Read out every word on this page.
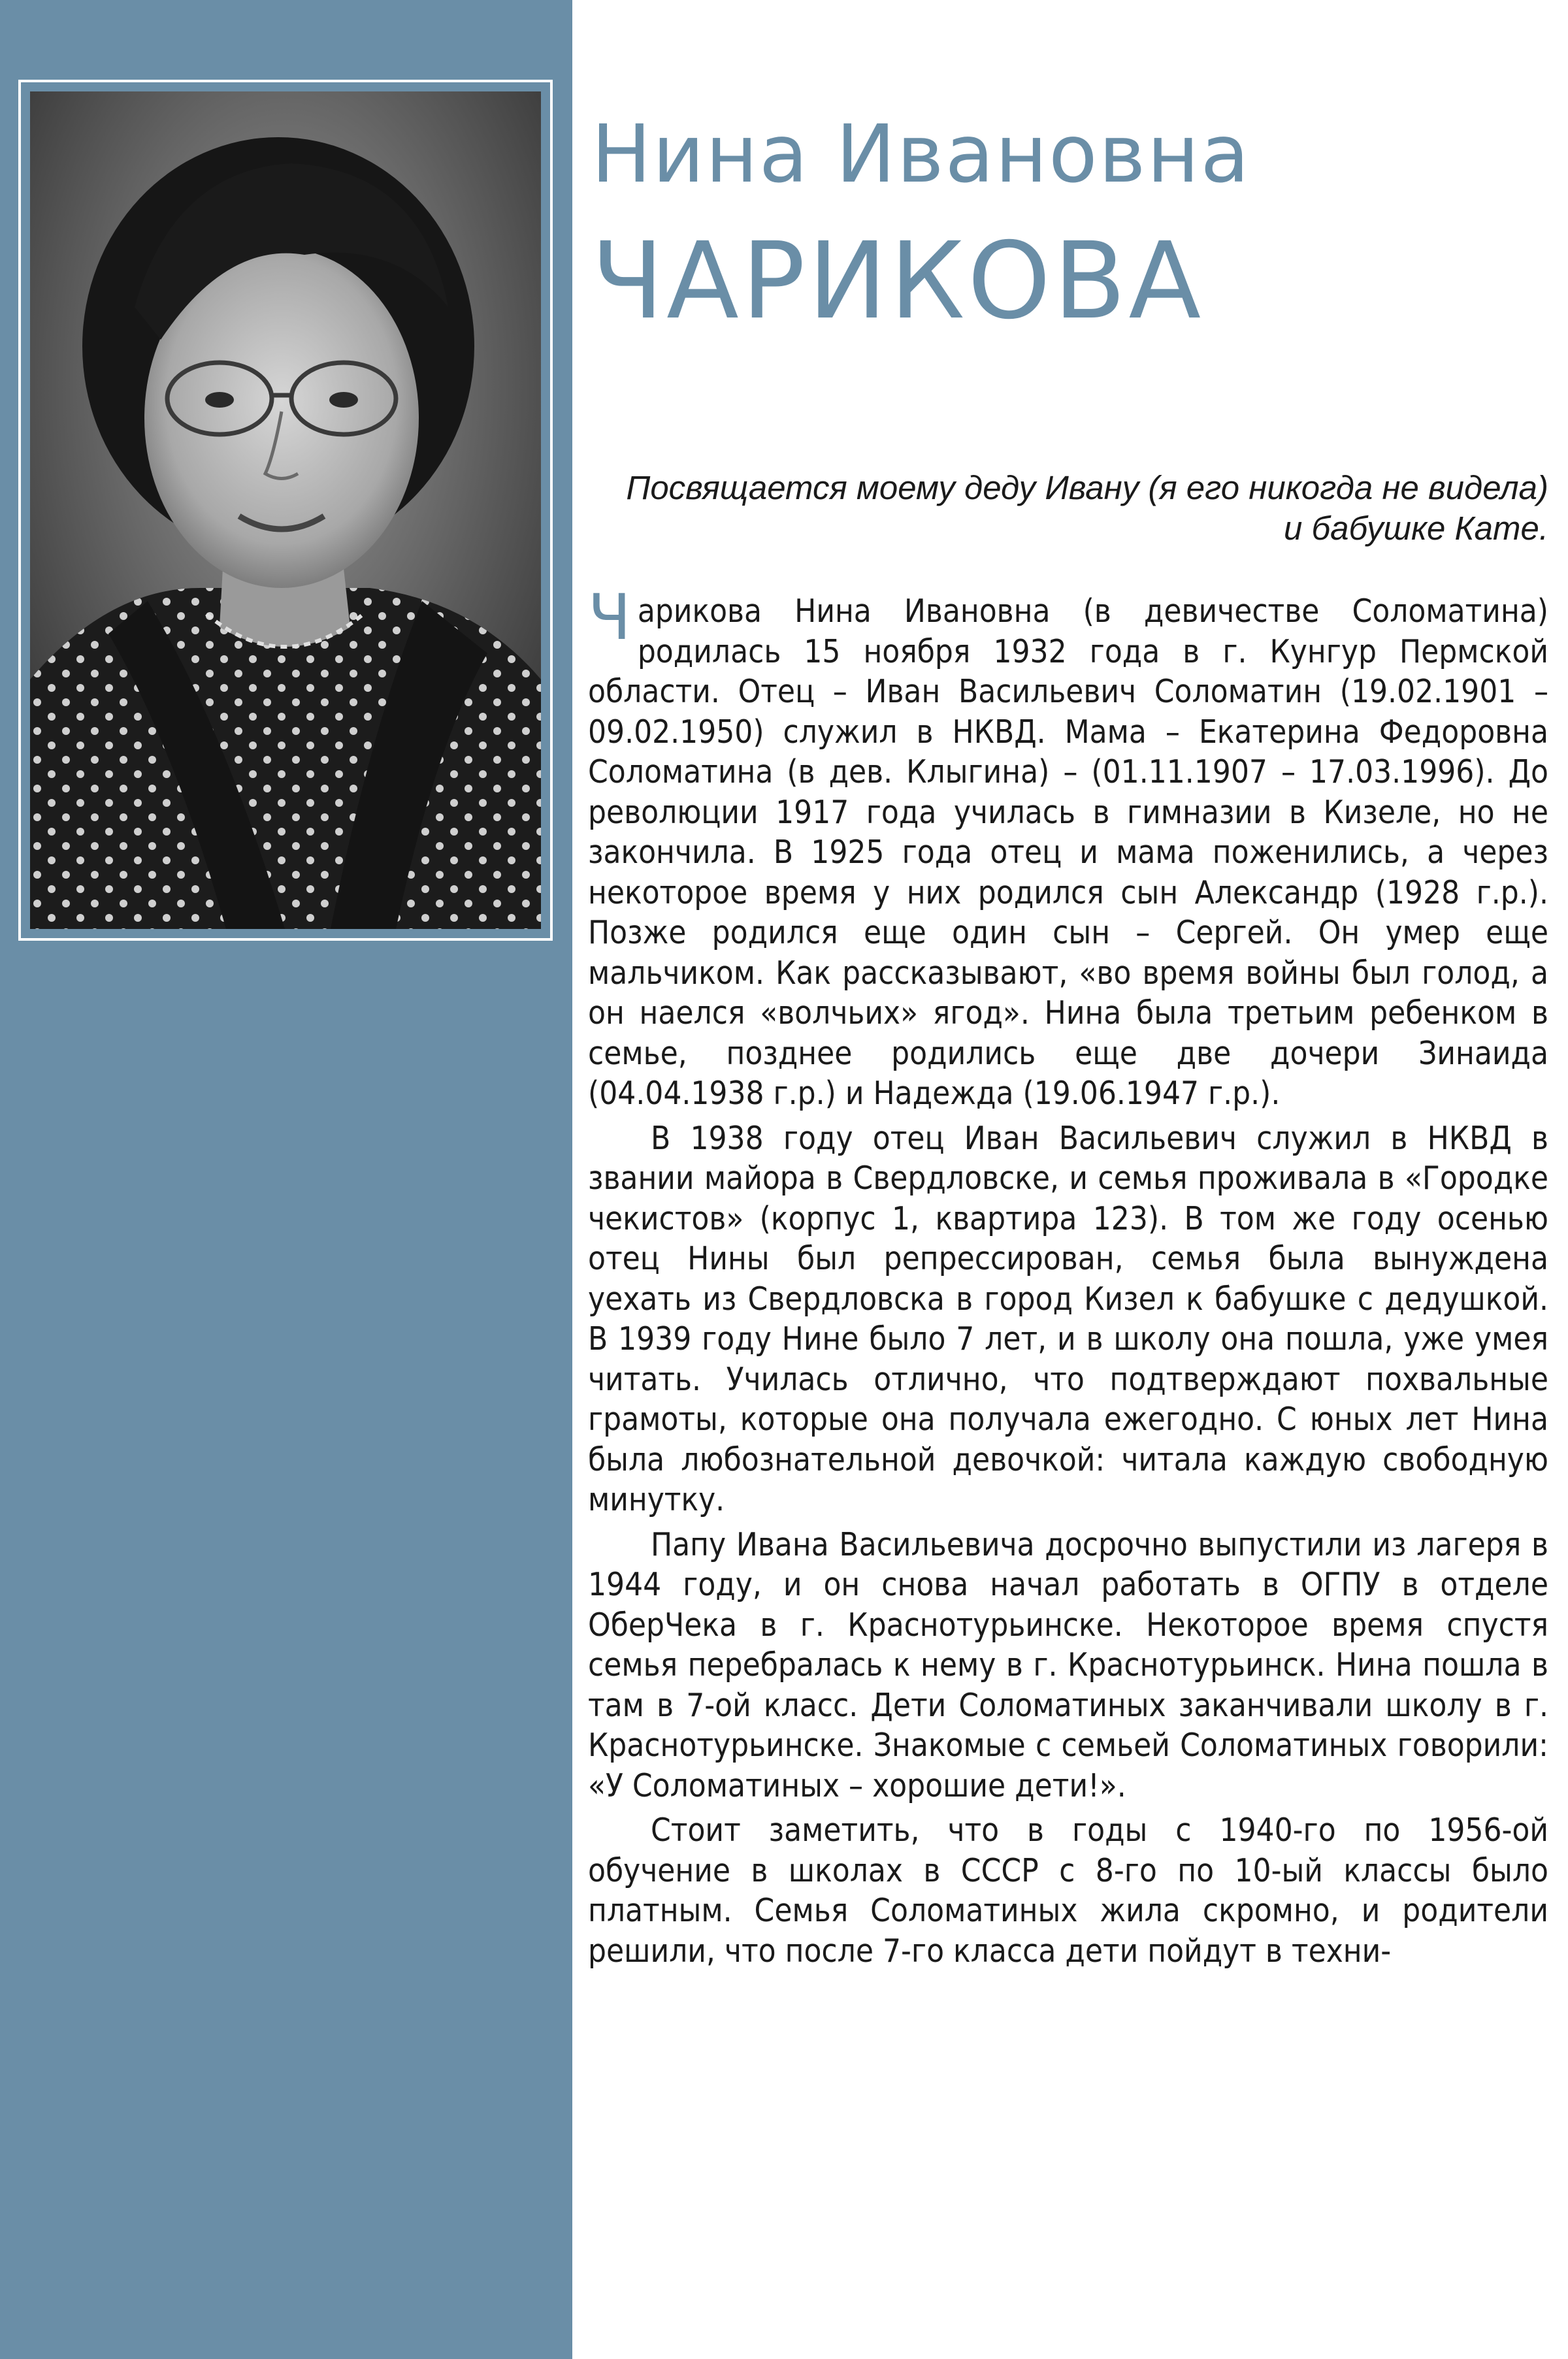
Нина Ивановна
ЧАРИКОВА
Посвящается моему деду Ивану (я его никогда не видела)
и бабушке Кате.

Чарикова Нина Ивановна (в девичестве Соломатина) родилась 15 ноября 1932 года в г. Кунгур Пермской области. Отец – Иван Васильевич Соломатин (19.02.1901 – 09.02.1950) служил в НКВД. Мама – Екатерина Федоровна Соломатина (в дев. Клыгина) – (01.11.1907 – 17.03.1996). До революции 1917 года училась в гимназии в Кизеле, но не закончила. В 1925 года отец и мама поженились, а через некоторое время у них родился сын Александр (1928 г.р.). Позже родился еще один сын – Сергей. Он умер еще мальчиком. Как рассказывают, «во время войны был голод, а он наелся «волчьих» ягод». Нина была третьим ребенком в семье, позднее родились еще две дочери Зинаида (04.04.1938 г.р.) и Надежда (19.06.1947 г.р.).

В 1938 году отец Иван Васильевич служил в НКВД в звании майора в Свердловске, и семья проживала в «Городке чекистов» (корпус 1, квартира 123). В том же году осенью отец Нины был репрессирован, семья была вынуждена уехать из Свердловска в город Кизел к бабушке с дедушкой. В 1939 году Нине было 7 лет, и в школу она пошла, уже умея читать. Училась отлично, что подтверждают похвальные грамоты, которые она получала ежегодно. С юных лет Нина была любознательной девочкой: читала каждую свободную минутку.

Папу Ивана Васильевича досрочно выпустили из лагеря в 1944 году, и он снова начал работать в ОГПУ в отделе ОберЧека в г. Краснотурьинске. Некоторое время спустя семья перебралась к нему в г. Краснотурьинск. Нина пошла в там в 7-ой класс. Дети Соломатиных заканчивали школу в г. Краснотурьинске. Знакомые с семьей Соломатиных говорили: «У Соломатиных – хорошие дети!».

Стоит заметить, что в годы с 1940-го по 1956-ой обучение в школах в СССР с 8-го по 10-ый классы было платным. Семья Соломатиных жила скромно, и родители решили, что после 7-го класса дети пойдут в техни-
